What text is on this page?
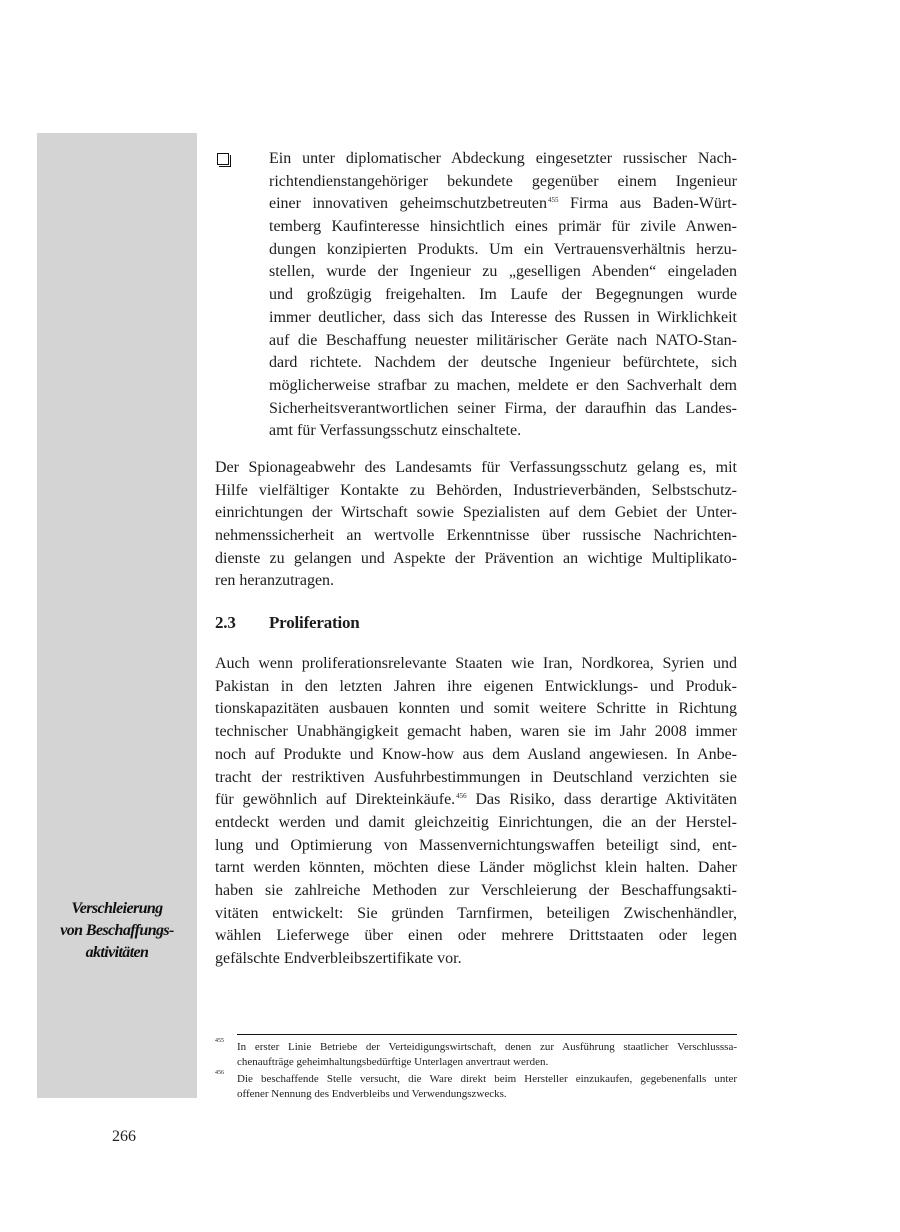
Verschleierung
von Beschaffungs-
aktivitäten
Ein unter diplomatischer Abdeckung eingesetzter russischer Nach-
richtendienstangehöriger bekundete gegenüber einem Ingenieur
einer innovativen geheimschutzbetreuten$^{455}$ Firma aus Baden-Würt-
temberg Kaufinteresse hinsichtlich eines primär für zivile Anwen-
dungen konzipierten Produkts. Um ein Vertrauensverhältnis herzu-
stellen, wurde der Ingenieur zu „geselligen Abenden“ eingeladen
und großzügig freigehalten. Im Laufe der Begegnungen wurde
immer deutlicher, dass sich das Interesse des Russen in Wirklichkeit
auf die Beschaffung neuester militärischer Geräte nach NATO-Stan-
dard richtete. Nachdem der deutsche Ingenieur befürchtete, sich
möglicherweise strafbar zu machen, meldete er den Sachverhalt dem
Sicherheitsverantwortlichen seiner Firma, der daraufhin das Landes-
amt für Verfassungsschutz einschaltete.
Der Spionageabwehr des Landesamts für Verfassungsschutz gelang es, mit
Hilfe vielfältiger Kontakte zu Behörden, Industrieverbänden, Selbstschutz-
einrichtungen der Wirtschaft sowie Spezialisten auf dem Gebiet der Unter-
nehmenssicherheit an wertvolle Erkenntnisse über russische Nachrichten-
dienste zu gelangen und Aspekte der Prävention an wichtige Multiplikato-
ren heranzutragen.
2.3 Proliferation
Auch wenn proliferationsrelevante Staaten wie Iran, Nordkorea, Syrien und
Pakistan in den letzten Jahren ihre eigenen Entwicklungs- und Produk-
tionskapazitäten ausbauen konnten und somit weitere Schritte in Richtung
technischer Unabhängigkeit gemacht haben, waren sie im Jahr 2008 immer
noch auf Produkte und Know-how aus dem Ausland angewiesen. In Anbe-
tracht der restriktiven Ausfuhrbestimmungen in Deutschland verzichten sie
für gewöhnlich auf Direkteinkäufe.$^{456}$ Das Risiko, dass derartige Aktivitäten
entdeckt werden und damit gleichzeitig Einrichtungen, die an der Herstel-
lung und Optimierung von Massenvernichtungswaffen beteiligt sind, ent-
tarnt werden könnten, möchten diese Länder möglichst klein halten. Daher
haben sie zahlreiche Methoden zur Verschleierung der Beschaffungsakti-
vitäten entwickelt: Sie gründen Tarnfirmen, beteiligen Zwischenhändler,
wählen Lieferwege über einen oder mehrere Drittstaaten oder legen
gefälschte Endverbleibszertifikate vor.
455 In erster Linie Betriebe der Verteidigungswirtschaft, denen zur Ausführung staatlicher Verschlusssa-
chenaufträge geheimhaltungsbedürftige Unterlagen anvertraut werden.
456 Die beschaffende Stelle versucht, die Ware direkt beim Hersteller einzukaufen, gegebenenfalls unter
offener Nennung des Endverbleibs und Verwendungszwecks.
266
